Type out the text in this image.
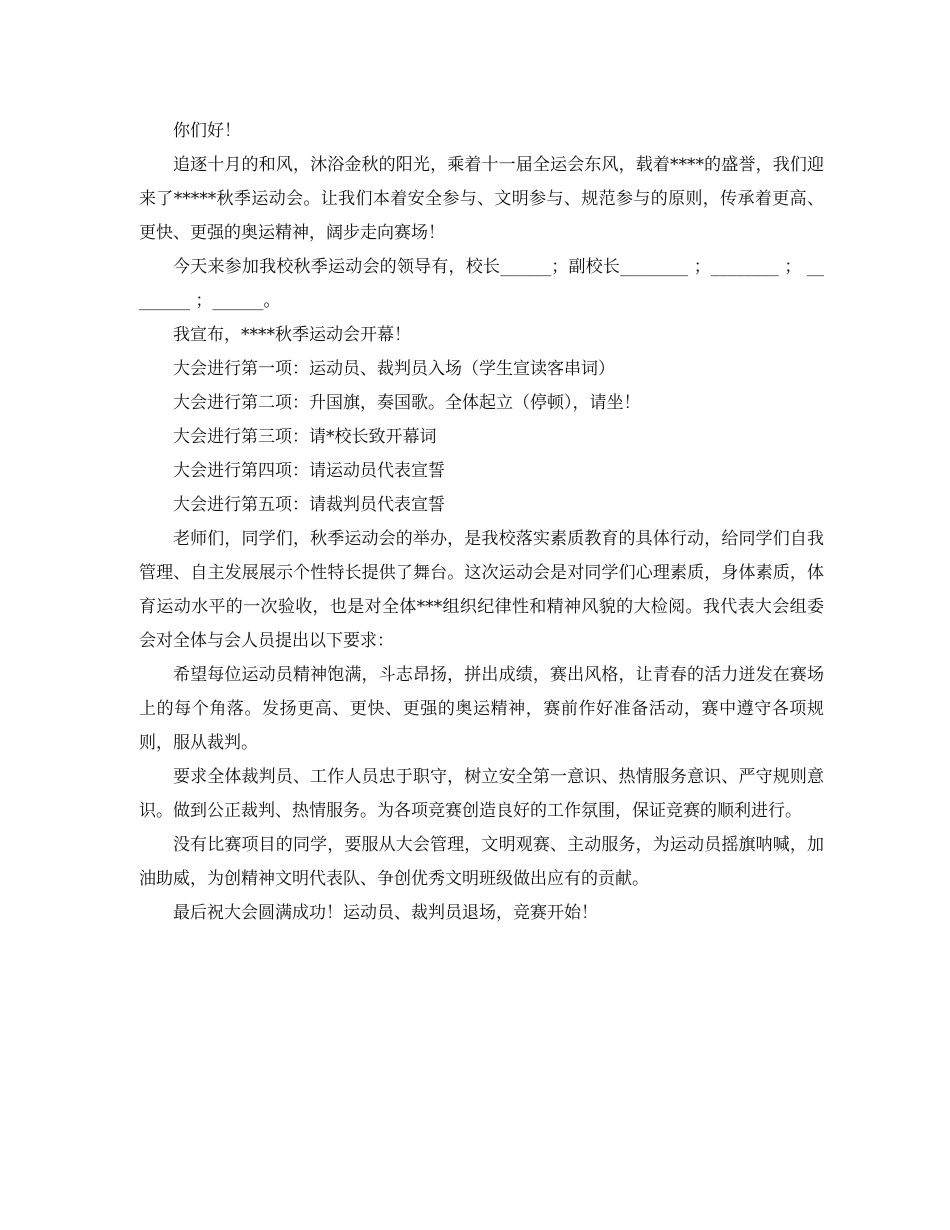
你们好！

追逐十月的和风，沐浴金秋的阳光，乘着十一届全运会东风，载着****的盛誉，我们迎来了*****秋季运动会。让我们本着安全参与、文明参与、规范参与的原则，传承着更高、更快、更强的奥运精神，阔步走向赛场！

今天来参加我校秋季运动会的领导有，校长______；副校长________ ；________ ； ________ ；______。

我宣布，****秋季运动会开幕！

大会进行第一项：运动员、裁判员入场（学生宣读客串词）

大会进行第二项：升国旗，奏国歌。全体起立（停顿），请坐！

大会进行第三项：请*校长致开幕词

大会进行第四项：请运动员代表宣誓

大会进行第五项：请裁判员代表宣誓

老师们，同学们，秋季运动会的举办，是我校落实素质教育的具体行动，给同学们自我管理、自主发展展示个性特长提供了舞台。这次运动会是对同学们心理素质，身体素质，体育运动水平的一次验收，也是对全体***组织纪律性和精神风貌的大检阅。我代表大会组委会对全体与会人员提出以下要求：

希望每位运动员精神饱满，斗志昂扬，拼出成绩，赛出风格，让青春的活力迸发在赛场上的每个角落。发扬更高、更快、更强的奥运精神，赛前作好准备活动，赛中遵守各项规则，服从裁判。

要求全体裁判员、工作人员忠于职守，树立安全第一意识、热情服务意识、严守规则意识。做到公正裁判、热情服务。为各项竞赛创造良好的工作氛围，保证竞赛的顺利进行。

没有比赛项目的同学，要服从大会管理，文明观赛、主动服务，为运动员摇旗呐喊，加油助威，为创精神文明代表队、争创优秀文明班级做出应有的贡献。

最后祝大会圆满成功！运动员、裁判员退场，竞赛开始！
